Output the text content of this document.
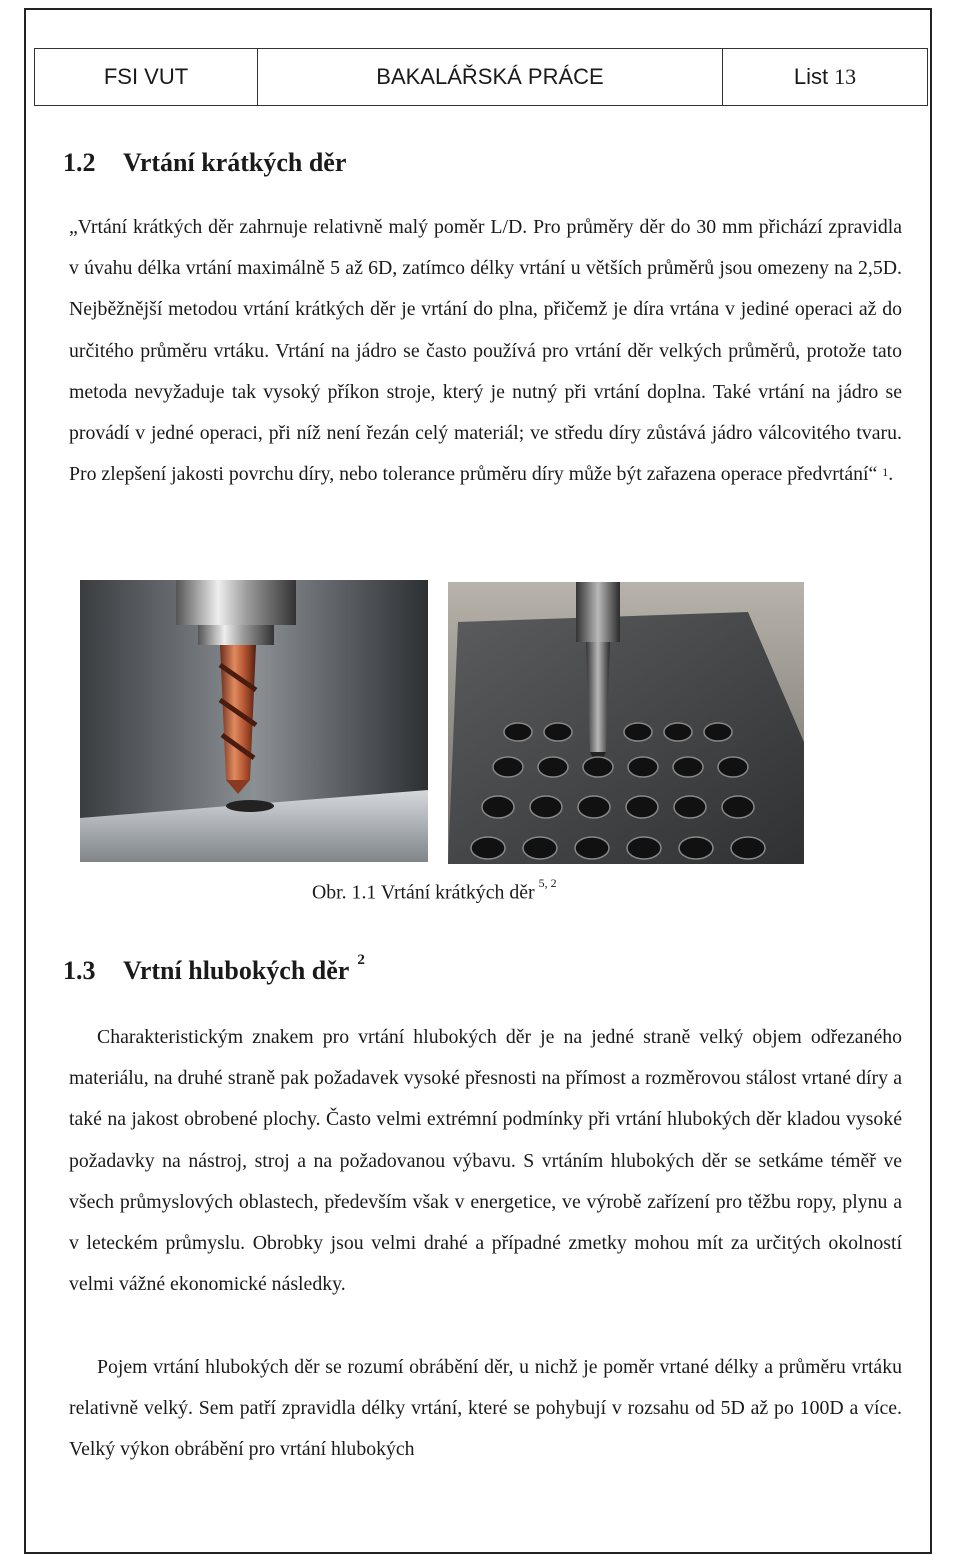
FSI VUT	BAKALÁŘSKÁ PRÁCE	List 13
1.2 Vrtání krátkých děr

„Vrtání krátkých děr zahrnuje relativně malý poměr L/D. Pro průměry děr do 30 mm přichází zpravidla v úvahu délka vrtání maximálně 5 až 6D, zatímco délky vrtání u větších průměrů jsou omezeny na 2,5D. Nejběžnější metodou vrtání krátkých děr je vrtání do plna, přičemž je díra vrtána v jediné operaci až do určitého průměru vrtáku. Vrtání na jádro se často používá pro vrtání děr velkých průměrů, protože tato metoda nevyžaduje tak vysoký příkon stroje, který je nutný při vrtání doplna. Také vrtání na jádro se provádí v jedné operaci, při níž není řezán celý materiál; ve středu díry zůstává jádro válcovitého tvaru. Pro zlepšení jakosti povrchu díry, nebo tolerance průměru díry může být zařazena operace předvrtání“ $^1$.

Obr. 1.1 Vrtání krátkých děr $^{5, 2}$
1.3 Vrtní hlubokých děr $^2$

Charakteristickým znakem pro vrtání hlubokých děr je na jedné straně velký objem odřezaného materiálu, na druhé straně pak požadavek vysoké přesnosti na přímost a rozměrovou stálost vrtané díry a také na jakost obrobené plochy. Často velmi extrémní podmínky při vrtání hlubokých děr kladou vysoké požadavky na nástroj, stroj a na požadovanou výbavu. S vrtáním hlubokých děr se setkáme téměř ve všech průmyslových oblastech, především však v energetice, ve výrobě zařízení pro těžbu ropy, plynu a v leteckém průmyslu. Obrobky jsou velmi drahé a případné zmetky mohou mít za určitých okolností velmi vážné ekonomické následky.

Pojem vrtání hlubokých děr se rozumí obrábění děr, u nichž je poměr vrtané délky a průměru vrtáku relativně velký. Sem patří zpravidla délky vrtání, které se pohybují v rozsahu od 5D až po 100D a více. Velký výkon obrábění pro vrtání hlubokých
